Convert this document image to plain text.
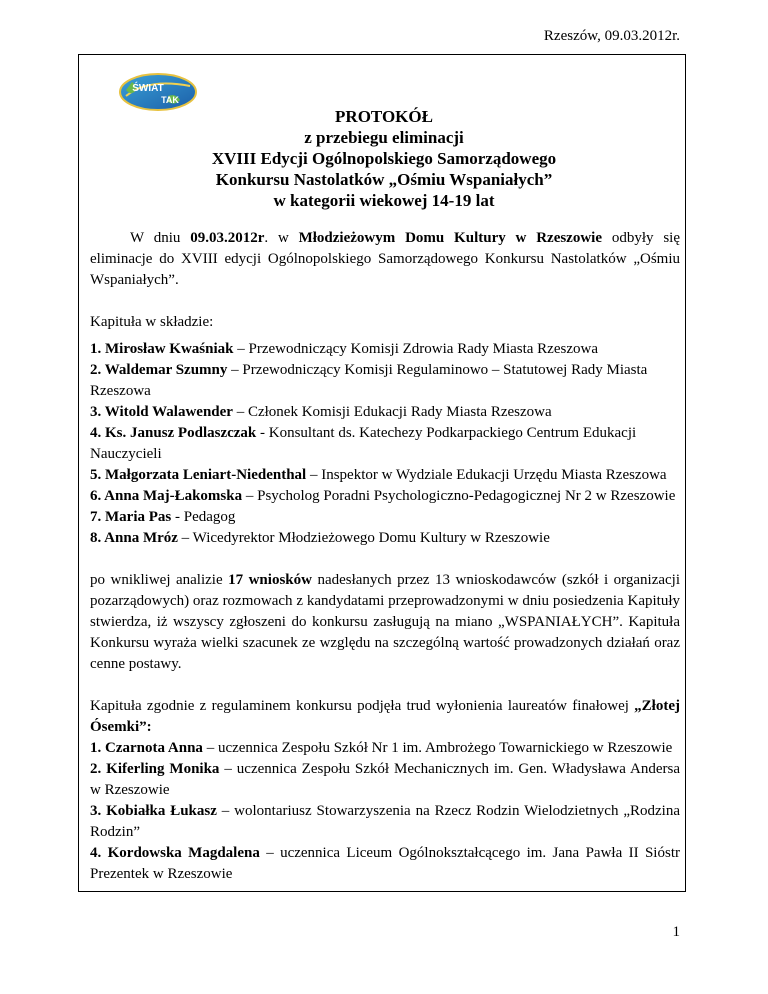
Rzeszów, 09.03.2012r.
ŚWIAT
TAK
PROTOKÓŁ
z przebiegu eliminacji
XVIII Edycji Ogólnopolskiego Samorządowego
Konkursu Nastolatków „Ośmiu Wspaniałych”
w kategorii wiekowej 14-19 lat

W dniu 09.03.2012r. w Młodzieżowym Domu Kultury w Rzeszowie odbyły się eliminacje do XVIII edycji Ogólnopolskiego Samorządowego Konkursu Nastolatków „Ośmiu Wspaniałych”.

Kapituła w składzie:

1. Mirosław Kwaśniak – Przewodniczący Komisji Zdrowia Rady Miasta Rzeszowa
2. Waldemar Szumny – Przewodniczący Komisji Regulaminowo – Statutowej Rady Miasta Rzeszowa
3. Witold Walawender – Członek Komisji Edukacji Rady Miasta Rzeszowa
4. Ks. Janusz Podlaszczak - Konsultant ds. Katechezy Podkarpackiego Centrum Edukacji Nauczycieli
5. Małgorzata Leniart-Niedenthal – Inspektor w Wydziale Edukacji Urzędu Miasta Rzeszowa
6. Anna Maj-Łakomska – Psycholog Poradni Psychologiczno-Pedagogicznej Nr 2 w Rzeszowie
7. Maria Pas - Pedagog
8. Anna Mróz – Wicedyrektor Młodzieżowego Domu Kultury w Rzeszowie

po wnikliwej analizie 17 wniosków nadesłanych przez 13 wnioskodawców (szkół i organizacji pozarządowych) oraz rozmowach z kandydatami przeprowadzonymi w dniu posiedzenia Kapituły stwierdza, iż wszyscy zgłoszeni do konkursu zasługują na miano „WSPANIAŁYCH”. Kapituła Konkursu wyraża wielki szacunek ze względu na szczególną wartość prowadzonych działań oraz cenne postawy.

Kapituła zgodnie z regulaminem konkursu podjęła trud wyłonienia laureatów finałowej „Złotej Ósemki”:

1. Czarnota Anna – uczennica Zespołu Szkół Nr 1 im. Ambrożego Towarnickiego w Rzeszowie
2. Kiferling Monika – uczennica Zespołu Szkół Mechanicznych im. Gen. Władysława Andersa w Rzeszowie
3. Kobiałka Łukasz – wolontariusz Stowarzyszenia na Rzecz Rodzin Wielodzietnych „Rodzina Rodzin”
4. Kordowska Magdalena – uczennica Liceum Ogólnokształcącego im. Jana Pawła II Sióstr Prezentek w Rzeszowie
1
